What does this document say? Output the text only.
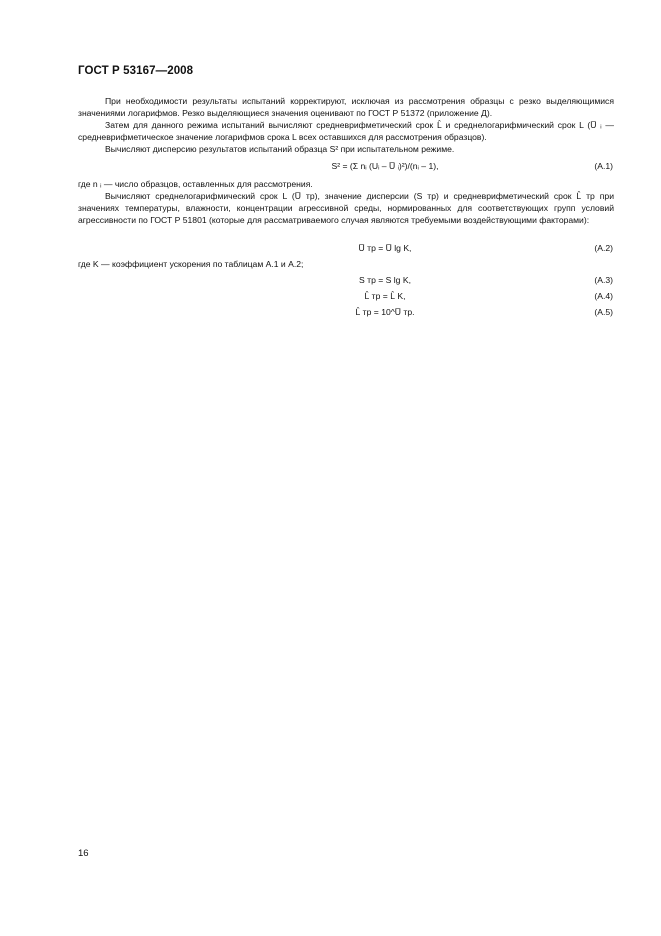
ГОСТ Р 53167—2008
При необходимости результаты испытаний корректируют, исключая из рассмотрения образцы с резко выделяющимися значениями логарифмов. Резко выделяющиеся значения оценивают по ГОСТ Р 51372 (приложение Д).
Затем для данного режима испытаний вычисляют средневрифметический срок L̂ и среднелогарифмический срок L (U̅ ᵢ — средневрифметическое значение логарифмов срока L всех оставшихся для рассмотрения образцов).
Вычисляют дисперсию результатов испытаний образца S² при испытательном режиме.
S² = (Σ nᵢ (Uᵢ – U̅ ᵢ)²)/(nᵢ – 1),	(А.1)
где n ᵢ — число образцов, оставленных для рассмотрения.
Вычисляют среднелогарифмический срок L (U̅ тр), значение дисперсии (S тр) и средневрифметический срок L̂ тр при значениях температуры, влажности, концентрации агрессивной среды, нормированных для соответствующих групп условий агрессивности по ГОСТ Р 51801 (которые для рассматриваемого случая являются требуемыми воздействующими факторами):
U̅ тр = U̅ lg K,	(А.2)
где K — коэффициент ускорения по таблицам А.1 и А.2;
S тр = S lg K,	(А.3)
L̂ тр = L̂ K,	(А.4)
L̂ тр = 10^U̅ тр.	(А.5)
16
